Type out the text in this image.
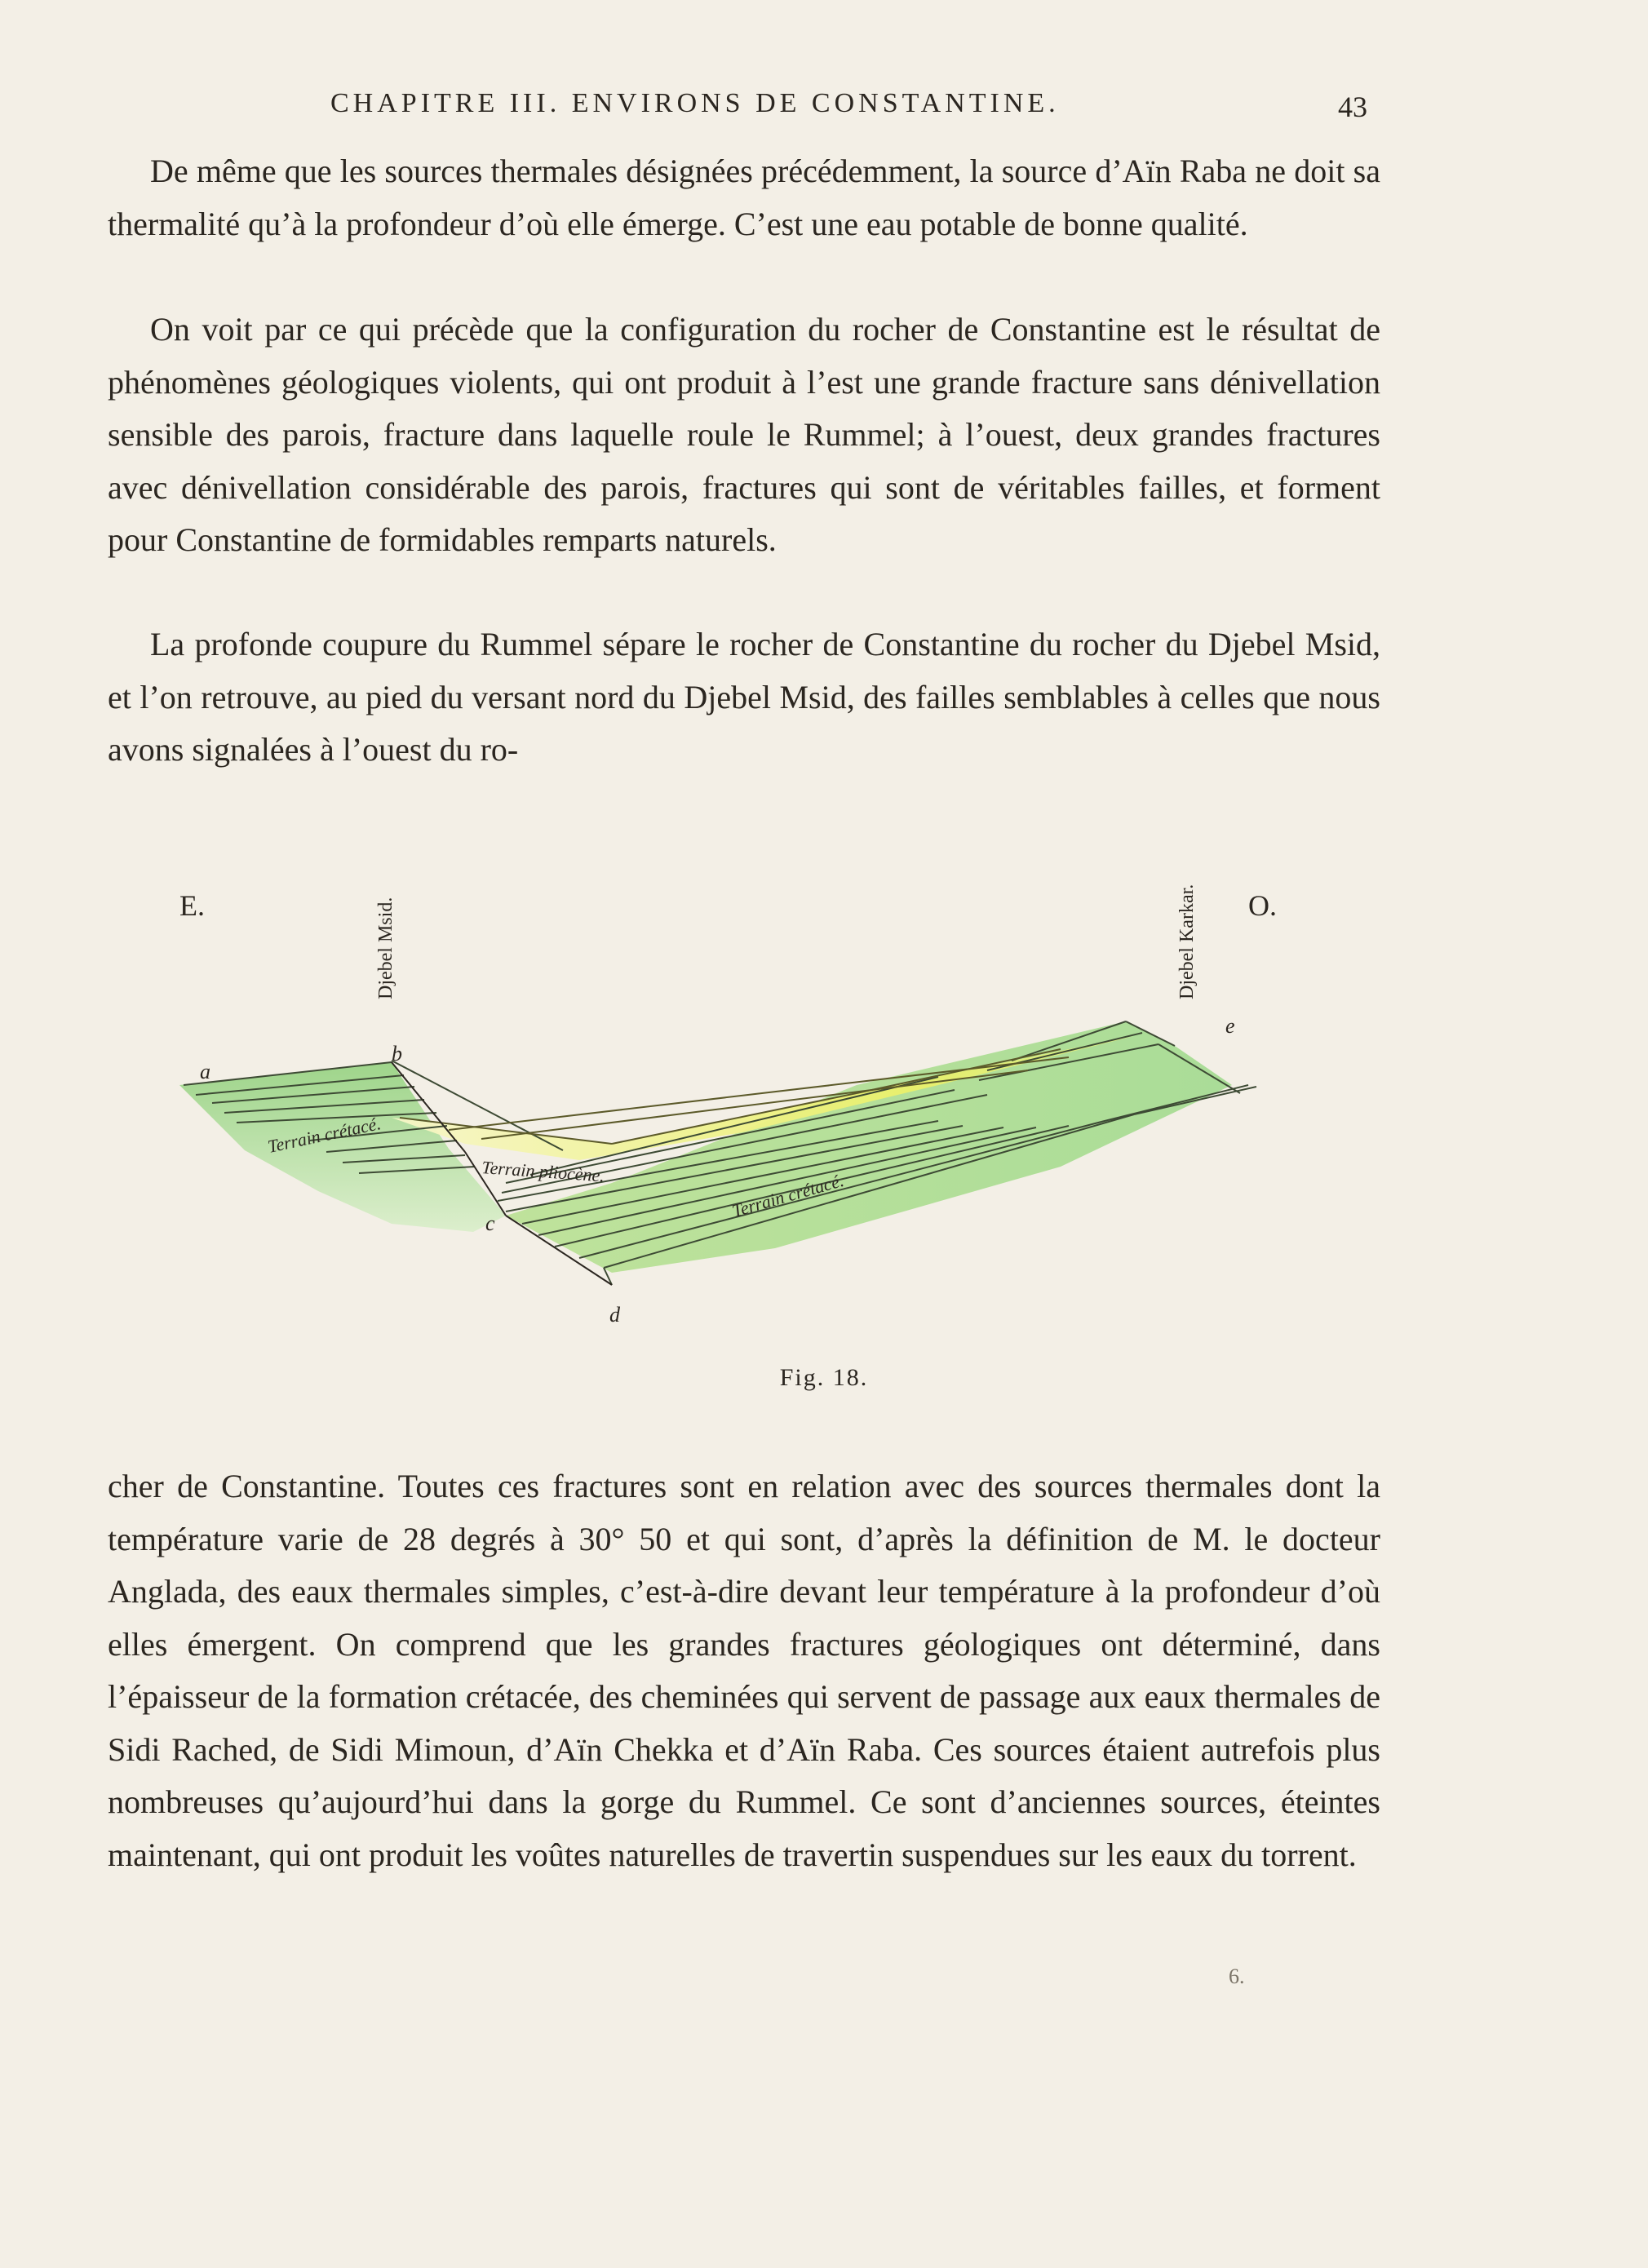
CHAPITRE III. ENVIRONS DE CONSTANTINE.	43

De même que les sources thermales désignées précédemment, la source d’Aïn Raba ne doit sa thermalité qu’à la profondeur d’où elle émerge. C’est une eau potable de bonne qualité.

On voit par ce qui précède que la configuration du rocher de Constantine est le résultat de phénomènes géologiques violents, qui ont produit à l’est une grande fracture sans dénivellation sensible des parois, fracture dans laquelle roule le Rummel; à l’ouest, deux grandes fractures avec dénivellation considérable des parois, fractures qui sont de véritables failles, et forment pour Constantine de formidables remparts naturels.

La profonde coupure du Rummel sépare le rocher de Constantine du rocher du Djebel Msid, et l’on retrouve, au pied du versant nord du Djebel Msid, des failles semblables à celles que nous avons signalées à l’ouest du ro-

E.	O.
Djebel Msid.	Djebel Karkar.
a
b
c
d
e
Terrain crétacé.
Terrain pliocène.	Terrain crétacé.
Fig. 18.

cher de Constantine. Toutes ces fractures sont en relation avec des sources thermales dont la température varie de 28 degrés à 30° 50 et qui sont, d’après la définition de M. le docteur Anglada, des eaux thermales simples, c’est-à-dire devant leur température à la profondeur d’où elles émergent. On comprend que les grandes fractures géologiques ont déterminé, dans l’épaisseur de la formation crétacée, des cheminées qui servent de passage aux eaux thermales de Sidi Rached, de Sidi Mimoun, d’Aïn Chekka et d’Aïn Raba. Ces sources étaient autrefois plus nombreuses qu’aujourd’hui dans la gorge du Rummel. Ce sont d’anciennes sources, éteintes maintenant, qui ont produit les voûtes naturelles de travertin suspendues sur les eaux du torrent.

6.
